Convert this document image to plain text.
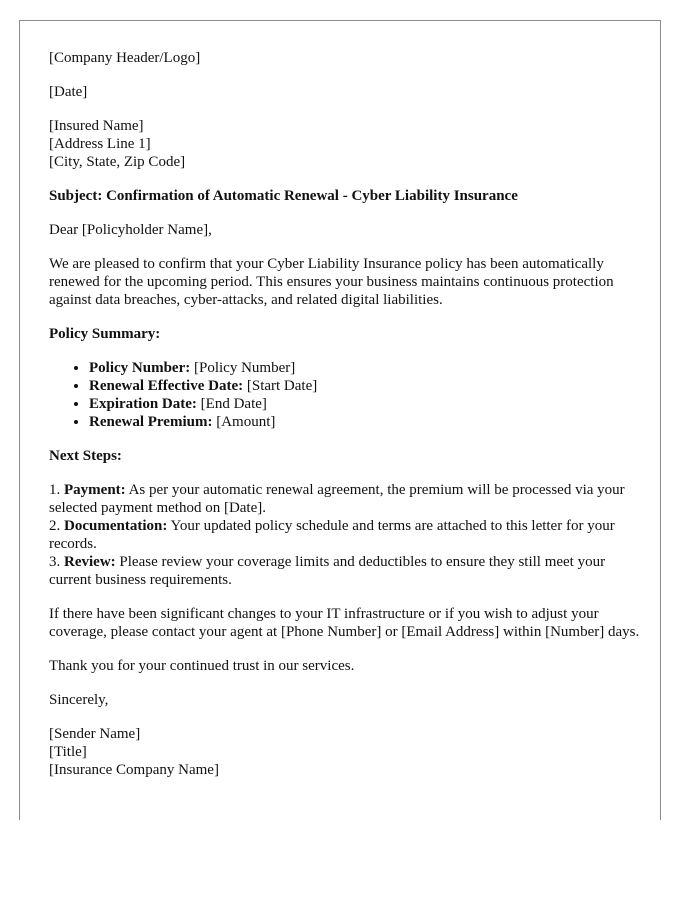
[Company Header/Logo]

[Date]

[Insured Name]
[Address Line 1]
[City, State, Zip Code]

Subject: Confirmation of Automatic Renewal - Cyber Liability Insurance

Dear [Policyholder Name],

We are pleased to confirm that your Cyber Liability Insurance policy has been automatically renewed for the upcoming period. This ensures your business maintains continuous protection against data breaches, cyber-attacks, and related digital liabilities.

Policy Summary:

• Policy Number: [Policy Number]
• Renewal Effective Date: [Start Date]
• Expiration Date: [End Date]
• Renewal Premium: [Amount]

Next Steps:

1. Payment: As per your automatic renewal agreement, the premium will be processed via your selected payment method on [Date].
2. Documentation: Your updated policy schedule and terms are attached to this letter for your records.
3. Review: Please review your coverage limits and deductibles to ensure they still meet your current business requirements.

If there have been significant changes to your IT infrastructure or if you wish to adjust your coverage, please contact your agent at [Phone Number] or [Email Address] within [Number] days.

Thank you for your continued trust in our services.

Sincerely,

[Sender Name]
[Title]
[Insurance Company Name]
